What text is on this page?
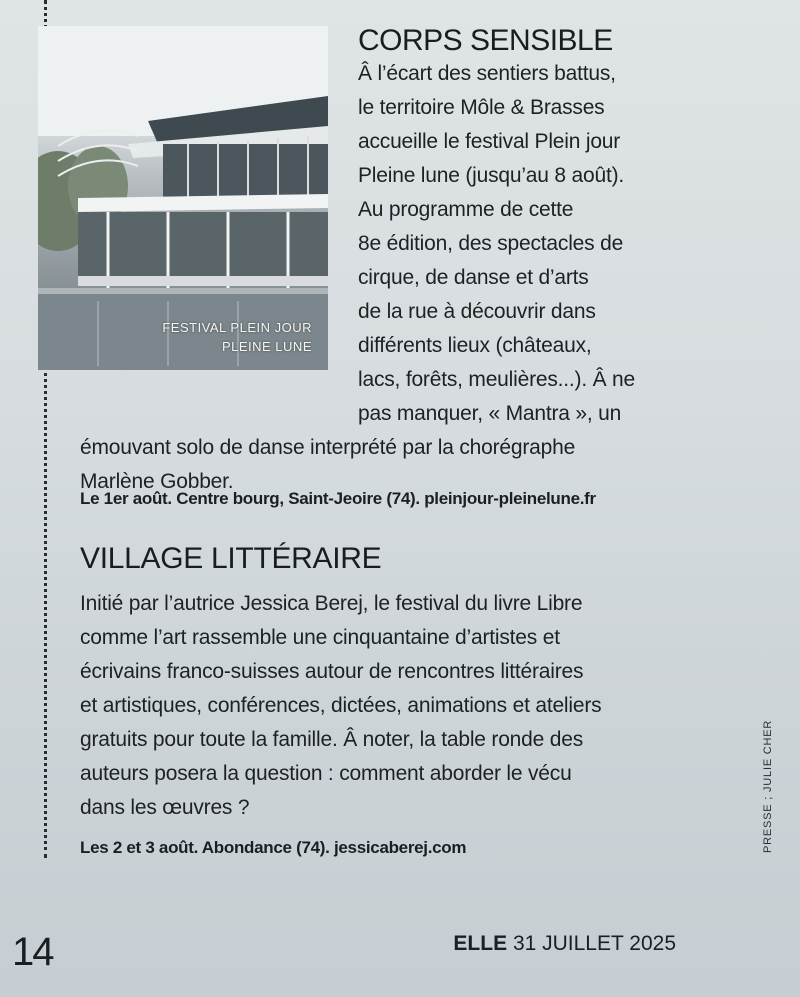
FESTIVAL PLEIN JOUR
PLEINE LUNE
CORPS SENSIBLE
Â l’écart des sentiers battus,
le territoire Môle & Brasses
accueille le festival Plein jour
Pleine lune (jusqu’au 8 août).
Au programme de cette
8e édition, des spectacles de
cirque, de danse et d’arts
de la rue à découvrir dans
différents lieux (châteaux,
lacs, forêts, meulières...). Â ne
pas manquer, « Mantra », un
émouvant solo de danse interprété par la chorégraphe
Marlène Gobber.
Le 1er août. Centre bourg, Saint-Jeoire (74). pleinjour-pleinelune.fr
VILLAGE LITTÉRAIRE
Initié par l’autrice Jessica Berej, le festival du livre Libre
comme l’art rassemble une cinquantaine d’artistes et
écrivains franco-suisses autour de rencontres littéraires
et artistiques, conférences, dictées, animations et ateliers
gratuits pour toute la famille. Â noter, la table ronde des
auteurs posera la question : comment aborder le vécu
dans les œuvres ?
Les 2 et 3 août. Abondance (74). jessicaberej.com	PRESSE ; JULIE CHER
14	ELLE 31 JUILLET 2025
